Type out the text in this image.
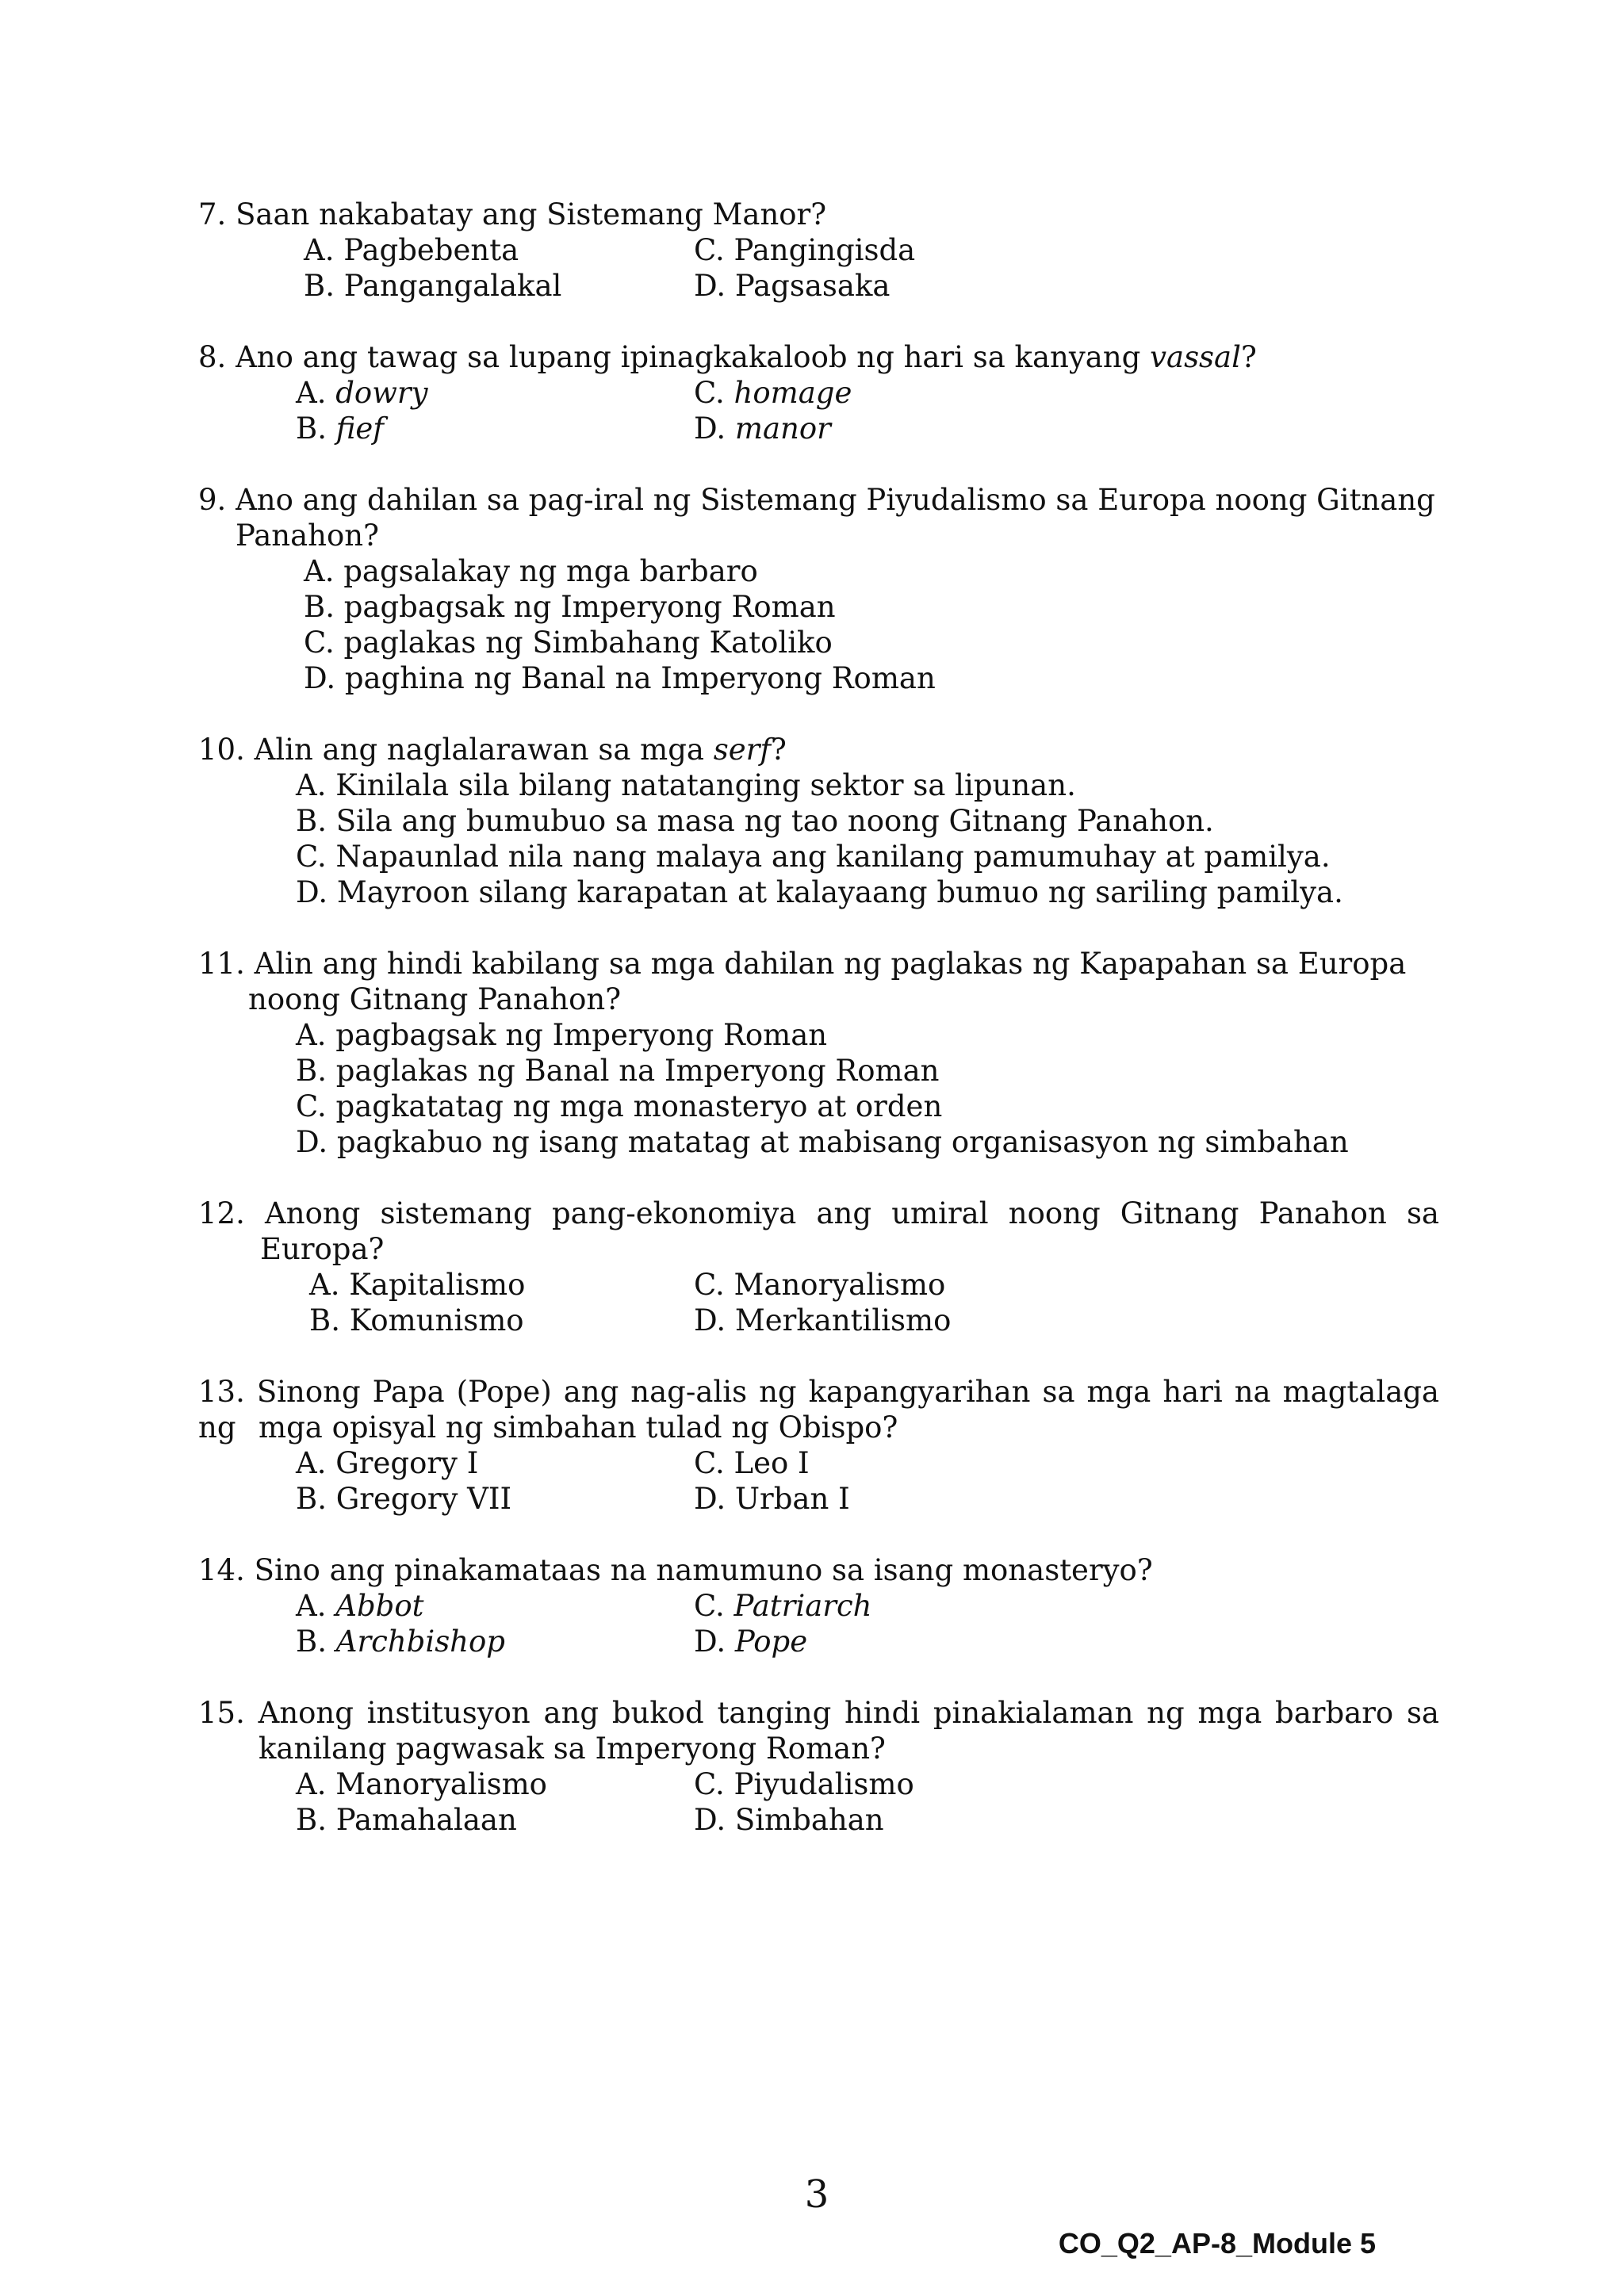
7. Saan nakabatay ang Sistemang Manor?
A. Pagbebenta	C. Pangingisda
B. Pangangalakal	D. Pagsasaka
8. Ano ang tawag sa lupang ipinagkakaloob ng hari sa kanyang vassal?
A. dowry	C. homage
B. fief	D. manor
9. Ano ang dahilan sa pag-iral ng Sistemang Piyudalismo sa Europa noong Gitnang
Panahon?
A. pagsalakay ng mga barbaro
B. pagbagsak ng Imperyong Roman
C. paglakas ng Simbahang Katoliko
D. paghina ng Banal na Imperyong Roman
10. Alin ang naglalarawan sa mga serf?
A. Kinilala sila bilang natatanging sektor sa lipunan.
B. Sila ang bumubuo sa masa ng tao noong Gitnang Panahon.
C. Napaunlad nila nang malaya ang kanilang pamumuhay at pamilya.
D. Mayroon silang karapatan at kalayaang bumuo ng sariling pamilya.
11. Alin ang hindi kabilang sa mga dahilan ng paglakas ng Kapapahan sa Europa
noong Gitnang Panahon?
A. pagbagsak ng Imperyong Roman
B. paglakas ng Banal na Imperyong Roman
C. pagkatatag ng mga monasteryo at orden
D. pagkabuo ng isang matatag at mabisang organisasyon ng simbahan
12. Anong sistemang pang-ekonomiya ang umiral noong Gitnang Panahon sa
Europa?
A. Kapitalismo	C. Manoryalismo
B. Komunismo	D. Merkantilismo
13. Sinong Papa (Pope) ang nag-alis ng kapangyarihan sa mga hari na magtalaga ng mga opisyal ng simbahan tulad ng Obispo?
A. Gregory I	C. Leo I
B. Gregory VII	D. Urban I
14. Sino ang pinakamataas na namumuno sa isang monasteryo?
A. Abbot	C. Patriarch
B. Archbishop	D. Pope
15. Anong institusyon ang bukod tanging hindi pinakialaman ng mga barbaro sa
kanilang pagwasak sa Imperyong Roman?
A. Manoryalismo	C. Piyudalismo
B. Pamahalaan	D. Simbahan
3
CO_Q2_AP-8_Module 5
